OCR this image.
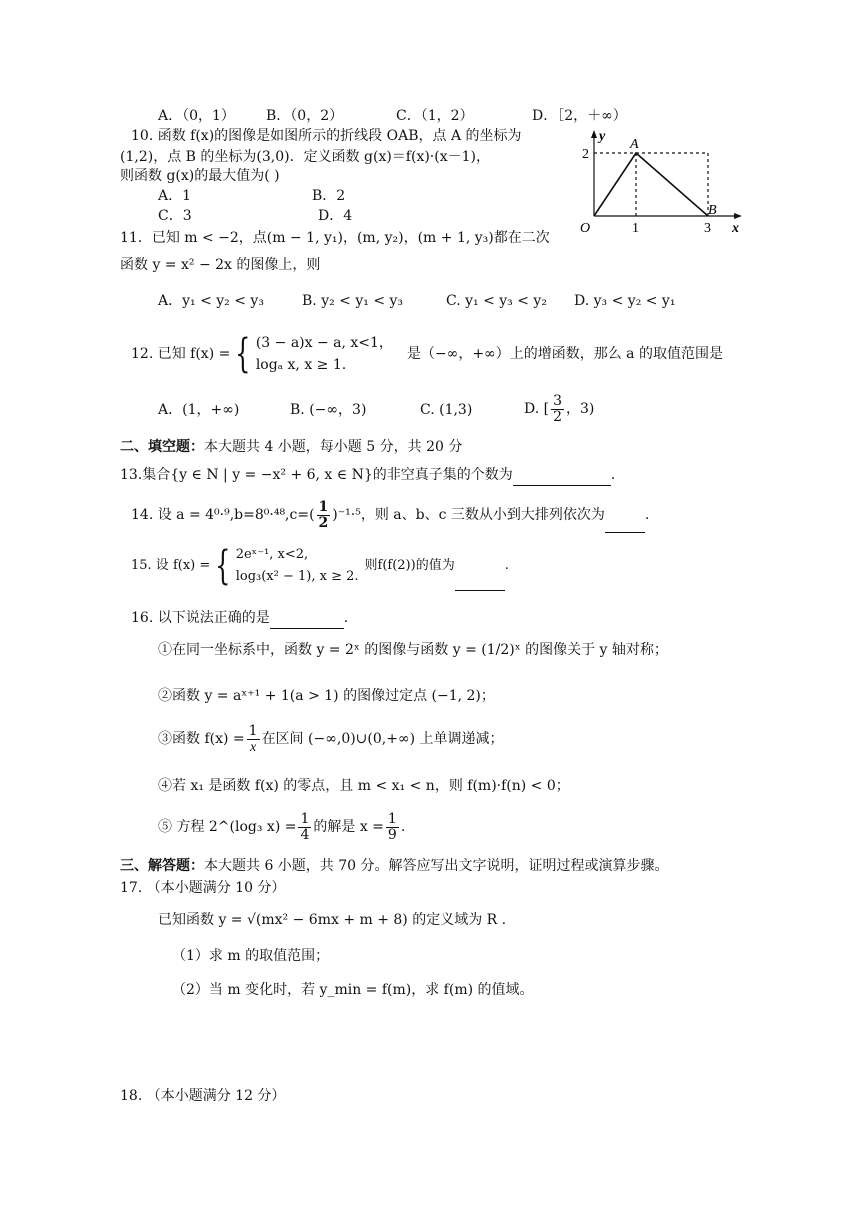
A．（0，1） B．（0，2）	C．（1，2）	D．［2，＋∞）
10. 函数 f(x)的图像是如图所示的折线段 OAB，点 A 的坐标为
(1,2)，点 B 的坐标为(3,0)．定义函数 g(x)＝f(x)·(x－1)，
则函数 g(x)的最大值为( )
A．1	B．2
C．3	D．4
y
x
O
A
B
1	3
2
11．已知 m < −2，点(m − 1, y₁)，(m, y₂)，(m + 1, y₃)都在二次
函数 y = x² − 2x 的图像上，则
A．y₁ < y₂ < y₃	B. y₂ < y₁ < y₃	C. y₁ < y₃ < y₂ D. y₃ < y₂ < y₁
12. 已知 f(x) = { (3 − a)x − a, x<1，
logₐ x, x ≥ 1.
是（−∞，+∞）上的增函数，那么 a 的取值范围是
A．(1，+∞)	B. (−∞，3)	C. (1,3)	D. [ $\frac{3}{2}$ ，3)
二、填空题：本大题共 4 小题，每小题 5 分，共 20 分
13.集合{y ∈ N | y = −x² + 6, x ∈ N}的非空真子集的个数为	.
14. 设 $a = 4^0\cdot^9,b=8^0\cdot^{48},c=( \frac{1}{2} )^{-1}\cdot^5$，则 a、b、c 三数从小到大排列依次为	.
15. 设 f(x) = { 2eˣ⁻¹, x<2,
log₃(x² − 1), x ≥ 2.
则f(f(2))的值为	.
16. 以下说法正确的是	.
①在同一坐标系中，函数 y = 2ˣ 的图像与函数 y = (1/2)ˣ 的图像关于 y 轴对称；
②函数 y = aˣ⁺¹ + 1(a > 1) 的图像过定点 (−1, 2)；
③函数 $f(x) = \frac{1}{x}$ 在区间 (−∞,0)∪(0,+∞) 上单调递减；
④若 x₁ 是函数 f(x) 的零点，且 m < x₁ < n，则 f(m)·f(n) < 0；
⑤ 方程 2^(log₃ $x) = \frac{1}{4}$ 的解是 $x = \frac{1}{9}$ .
三、解答题：本大题共 6 小题，共 70 分。解答应写出文字说明，证明过程或演算步骤。
17. （本小题满分 10 分）
已知函数 y = √(mx² − 6mx + m + 8) 的定义域为 R .
（1）求 m 的取值范围；
（2）当 m 变化时，若 y_min = f(m)，求 f(m) 的值域。
18. （本小题满分 12 分）
